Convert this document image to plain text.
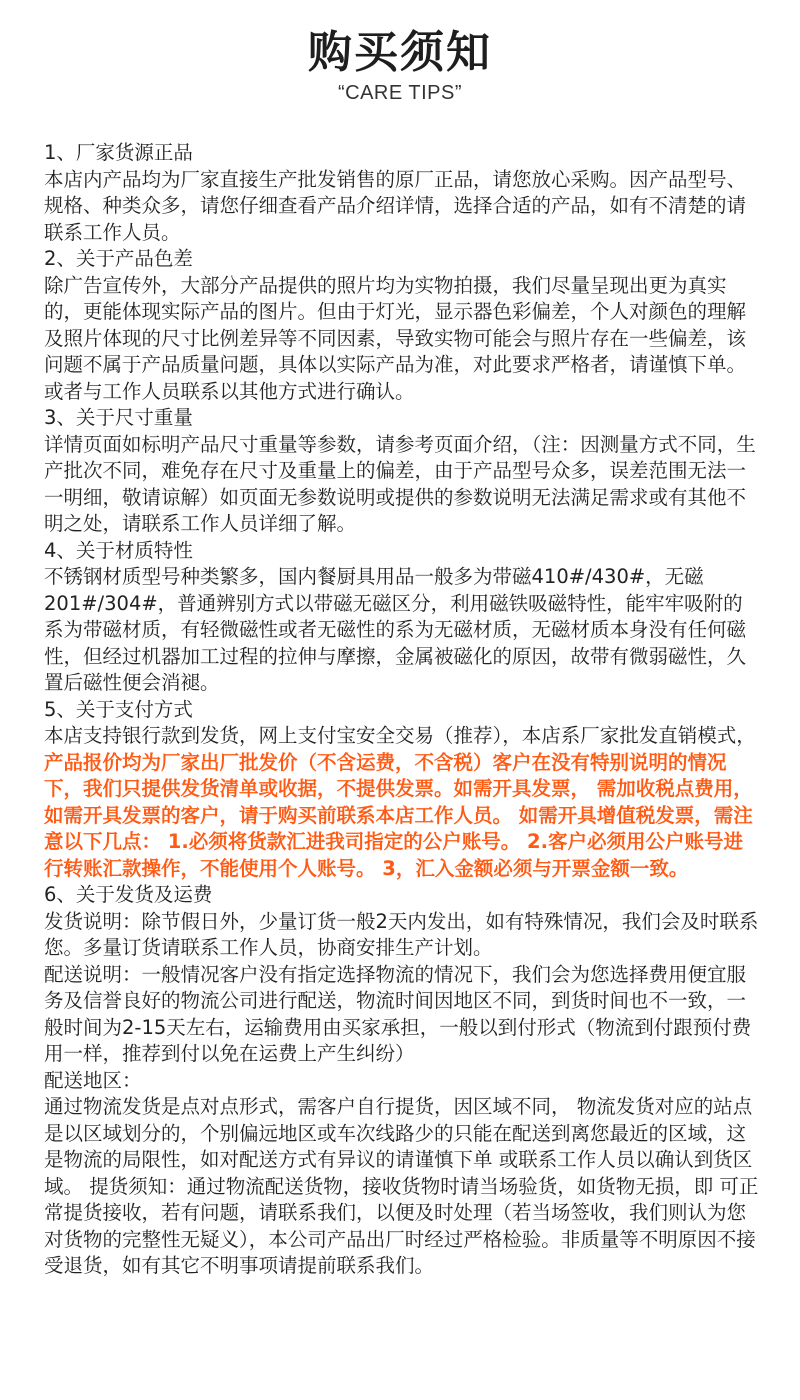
购买须知
“CARE TIPS”

1、厂家货源正品

本店内产品均为厂家直接生产批发销售的原厂正品，请您放心采购。因产品型号、规格、种类众多，请您仔细查看产品介绍详情，选择合适的产品，如有不清楚的请联系工作人员。

2、关于产品色差

除广告宣传外，大部分产品提供的照片均为实物拍摄，我们尽量呈现出更为真实的，更能体现实际产品的图片。但由于灯光，显示器色彩偏差，个人对颜色的理解及照片体现的尺寸比例差异等不同因素，导致实物可能会与照片存在一些偏差，该问题不属于产品质量问题，具体以实际产品为准，对此要求严格者，请谨慎下单。或者与工作人员联系以其他方式进行确认。

3、关于尺寸重量

详情页面如标明产品尺寸重量等参数，请参考页面介绍，（注：因测量方式不同，生产批次不同，难免存在尺寸及重量上的偏差，由于产品型号众多，误差范围无法一一明细，敬请谅解）如页面无参数说明或提供的参数说明无法满足需求或有其他不明之处，请联系工作人员详细了解。

4、关于材质特性

不锈钢材质型号种类繁多，国内餐厨具用品一般多为带磁410#/430#，无磁201#/304#，普通辨别方式以带磁无磁区分，利用磁铁吸磁特性，能牢牢吸附的系为带磁材质，有轻微磁性或者无磁性的系为无磁材质，无磁材质本身没有任何磁性，但经过机器加工过程的拉伸与摩擦，金属被磁化的原因，故带有微弱磁性，久置后磁性便会消褪。

5、关于支付方式

本店支持银行款到发货，网上支付宝安全交易（推荐），本店系厂家批发直销模式，产品报价均为厂家出厂批发价（不含运费，不含税）客户在没有特别说明的情况下，我们只提供发货清单或收据，不提供发票。如需开具发票， 需加收税点费用，如需开具发票的客户，请于购买前联系本店工作人员。 如需开具增值税发票，需注意以下几点： 1.必须将货款汇进我司指定的公户账号。 2.客户必须用公户账号进行转账汇款操作，不能使用个人账号。 3，汇入金额必须与开票金额一致。

6、关于发货及运费

发货说明：除节假日外，少量订货一般2天内发出，如有特殊情况，我们会及时联系您。多量订货请联系工作人员，协商安排生产计划。

配送说明：一般情况客户没有指定选择物流的情况下，我们会为您选择费用便宜服务及信誉良好的物流公司进行配送，物流时间因地区不同，到货时间也不一致，一般时间为2-15天左右，运输费用由买家承担，一般以到付形式（物流到付跟预付费用一样，推荐到付以免在运费上产生纠纷）

配送地区：

通过物流发货是点对点形式，需客户自行提货，因区域不同， 物流发货对应的站点是以区域划分的，个别偏远地区或车次线路少的只能在配送到离您最近的区域，这是物流的局限性，如对配送方式有异议的请谨慎下单 或联系工作人员以确认到货区域。 提货须知：通过物流配送货物，接收货物时请当场验货，如货物无损，即 可正常提货接收，若有问题，请联系我们，以便及时处理（若当场签收，我们则认为您对货物的完整性无疑义），本公司产品出厂时经过严格检验。非质量等不明原因不接受退货，如有其它不明事项请提前联系我们。
